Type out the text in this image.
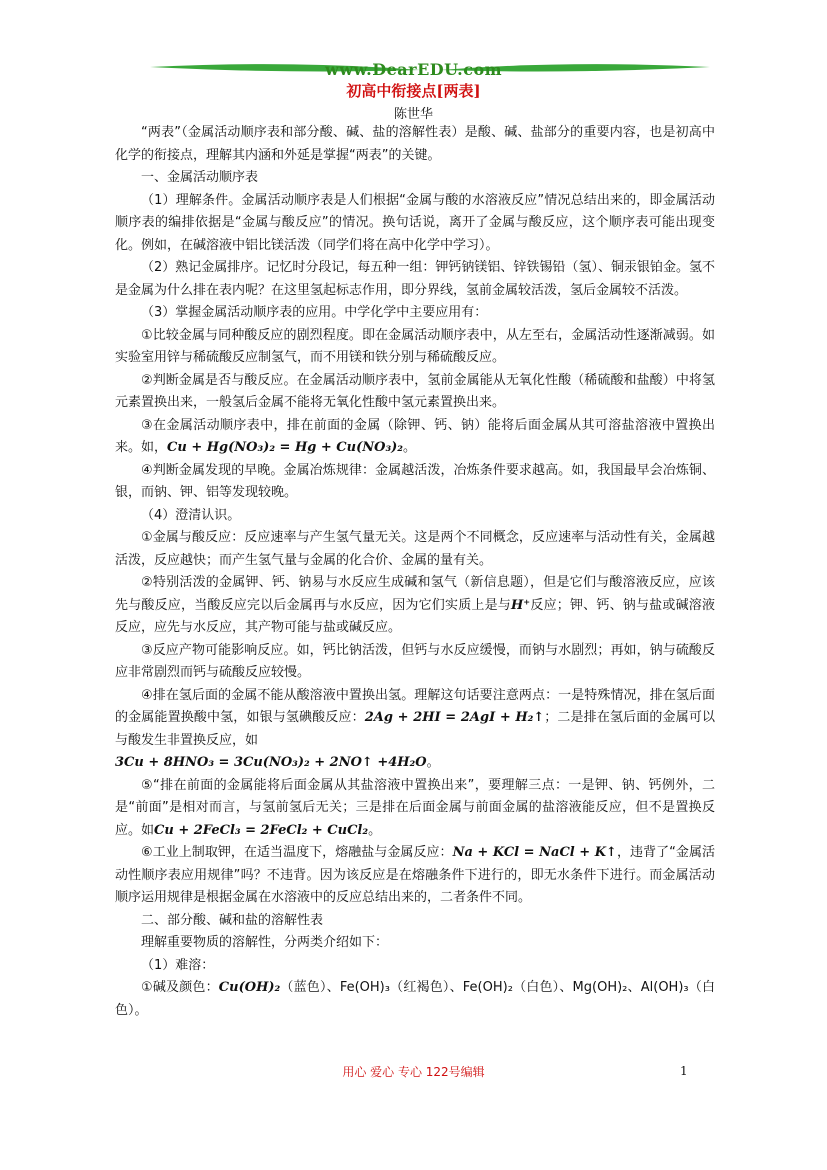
www.DearEDU.com
初高中衔接点[两表]
陈世华

“两表”（金属活动顺序表和部分酸、碱、盐的溶解性表）是酸、碱、盐部分的重要内容，也是初高中化学的衔接点，理解其内涵和外延是掌握“两表”的关键。

一、金属活动顺序表

（1）理解条件。金属活动顺序表是人们根据“金属与酸的水溶液反应”情况总结出来的，即金属活动顺序表的编排依据是“金属与酸反应”的情况。换句话说，离开了金属与酸反应，这个顺序表可能出现变化。例如，在碱溶液中铝比镁活泼（同学们将在高中化学中学习）。

（2）熟记金属排序。记忆时分段记，每五种一组：钾钙钠镁铝、锌铁锡铅（氢）、铜汞银铂金。氢不是金属为什么排在表内呢？在这里氢起标志作用，即分界线，氢前金属较活泼，氢后金属较不活泼。

（3）掌握金属活动顺序表的应用。中学化学中主要应用有：

①比较金属与同种酸反应的剧烈程度。即在金属活动顺序表中，从左至右，金属活动性逐渐减弱。如实验室用锌与稀硫酸反应制氢气，而不用镁和铁分别与稀硫酸反应。

②判断金属是否与酸反应。在金属活动顺序表中，氢前金属能从无氧化性酸（稀硫酸和盐酸）中将氢元素置换出来，一般氢后金属不能将无氧化性酸中氢元素置换出来。

③在金属活动顺序表中，排在前面的金属（除钾、钙、钠）能将后面金属从其可溶盐溶液中置换出来。如，Cu + Hg(NO₃)₂ = Hg + Cu(NO₃)₂。

④判断金属发现的早晚。金属冶炼规律：金属越活泼，冶炼条件要求越高。如，我国最早会冶炼铜、银，而钠、钾、铝等发现较晚。

（4）澄清认识。

①金属与酸反应：反应速率与产生氢气量无关。这是两个不同概念，反应速率与活动性有关，金属越活泼，反应越快；而产生氢气量与金属的化合价、金属的量有关。

②特别活泼的金属钾、钙、钠易与水反应生成碱和氢气（新信息题），但是它们与酸溶液反应，应该先与酸反应，当酸反应完以后金属再与水反应，因为它们实质上是与H⁺反应；钾、钙、钠与盐或碱溶液反应，应先与水反应，其产物可能与盐或碱反应。

③反应产物可能影响反应。如，钙比钠活泼，但钙与水反应缓慢，而钠与水剧烈；再如，钠与硫酸反应非常剧烈而钙与硫酸反应较慢。

④排在氢后面的金属不能从酸溶液中置换出氢。理解这句话要注意两点：一是特殊情况，排在氢后面的金属能置换酸中氢，如银与氢碘酸反应：2Ag + 2HI = 2AgI + H₂↑；二是排在氢后面的金属可以与酸发生非置换反应，如

3Cu + 8HNO₃ = 3Cu(NO₃)₂ + 2NO↑ +4H₂O。

⑤“排在前面的金属能将后面金属从其盐溶液中置换出来”，要理解三点：一是钾、钠、钙例外，二是“前面”是相对而言，与氢前氢后无关；三是排在后面金属与前面金属的盐溶液能反应，但不是置换反应。如Cu + 2FeCl₃ = 2FeCl₂ + CuCl₂。

⑥工业上制取钾，在适当温度下，熔融盐与金属反应：Na + KCl = NaCl + K↑，违背了“金属活动性顺序表应用规律”吗？不违背。因为该反应是在熔融条件下进行的，即无水条件下进行。而金属活动顺序运用规律是根据金属在水溶液中的反应总结出来的，二者条件不同。

二、部分酸、碱和盐的溶解性表

理解重要物质的溶解性，分两类介绍如下：

（1）难溶：

①碱及颜色：Cu(OH)₂（蓝色）、Fe(OH)₃（红褐色）、Fe(OH)₂（白色）、Mg(OH)₂、Al(OH)₃（白色）。

用心 爱心 专心 122号编辑	1
